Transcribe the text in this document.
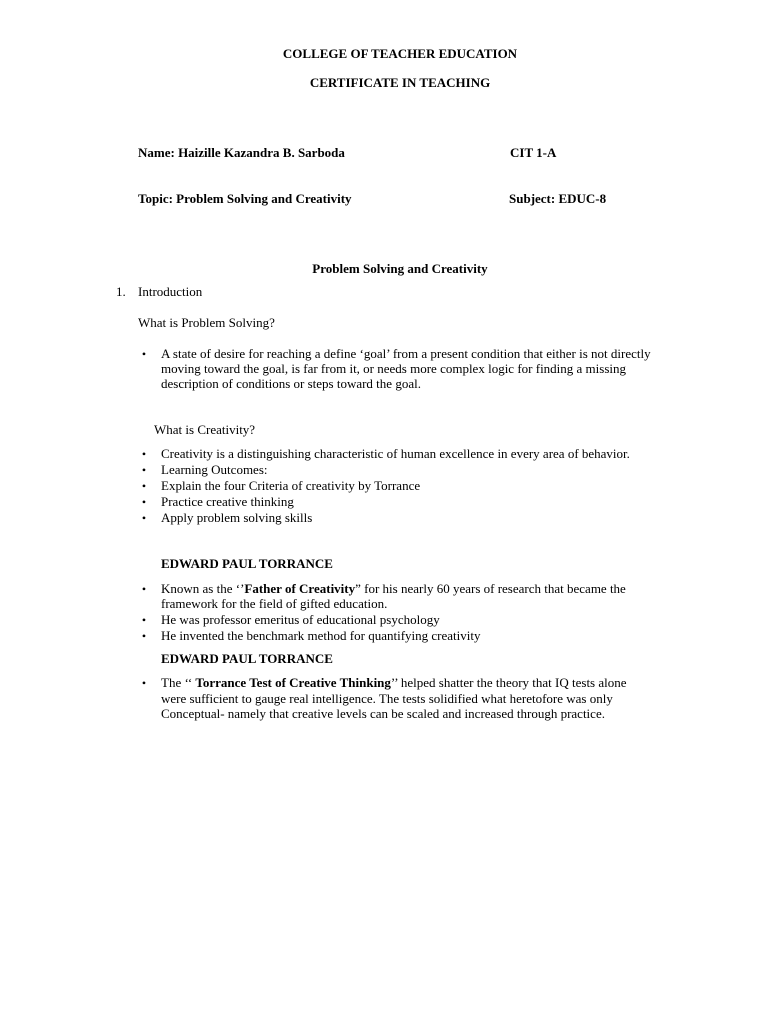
COLLEGE OF TEACHER EDUCATION
CERTIFICATE IN TEACHING
Name: Haizille Kazandra B. Sarboda	CIT 1-A
Topic: Problem Solving and Creativity	Subject: EDUC-8
Problem Solving and Creativity
1. Introduction
What is Problem Solving?
•	A state of desire for reaching a define ‘goal’ from a present condition that either is not directly
moving toward the goal, is far from it, or needs more complex logic for finding a missing
description of conditions or steps toward the goal.
What is Creativity?
•	Creativity is a distinguishing characteristic of human excellence in every area of behavior.
•	Learning Outcomes:
•	Explain the four Criteria of creativity by Torrance
•	Practice creative thinking
•	Apply problem solving skills
EDWARD PAUL TORRANCE
•	Known as the ‘’Father of Creativity” for his nearly 60 years of research that became the
framework for the field of gifted education.
•	He was professor emeritus of educational psychology
•	He invented the benchmark method for quantifying creativity
EDWARD PAUL TORRANCE
•	The ‘‘ Torrance Test of Creative Thinking’’ helped shatter the theory that IQ tests alone
were sufficient to gauge real intelligence. The tests solidified what heretofore was only
Conceptual- namely that creative levels can be scaled and increased through practice.
